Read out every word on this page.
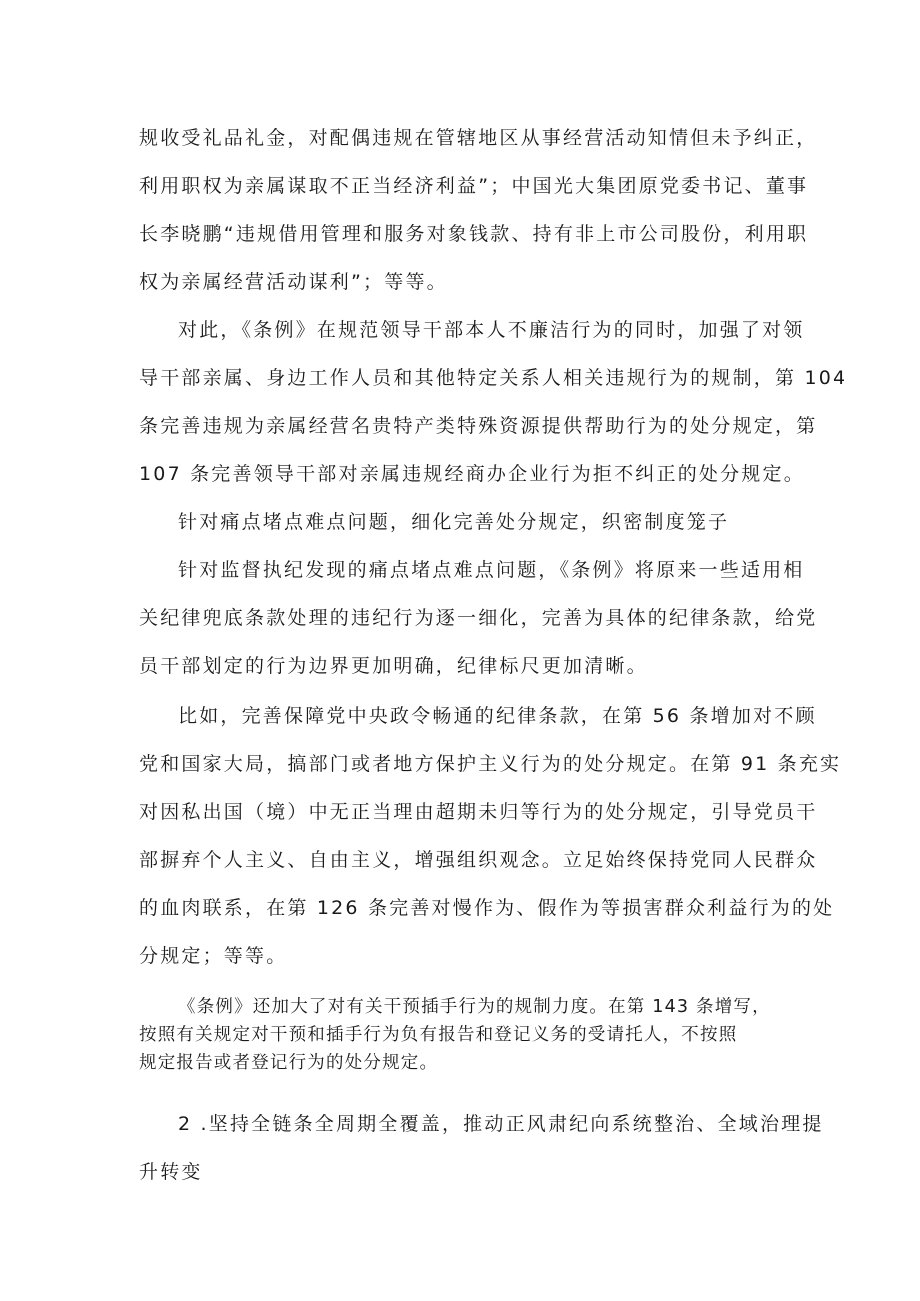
规收受礼品礼金，对配偶违规在管辖地区从事经营活动知情但未予纠正，
利用职权为亲属谋取不正当经济利益”；中国光大集团原党委书记、董事
长李晓鹏“违规借用管理和服务对象钱款、持有非上市公司股份，利用职
权为亲属经营活动谋利”；等等。
对此，《条例》在规范领导干部本人不廉洁行为的同时，加强了对领
导干部亲属、身边工作人员和其他特定关系人相关违规行为的规制，第 104
条完善违规为亲属经营名贵特产类特殊资源提供帮助行为的处分规定，第
107 条完善领导干部对亲属违规经商办企业行为拒不纠正的处分规定。
针对痛点堵点难点问题，细化完善处分规定，织密制度笼子
针对监督执纪发现的痛点堵点难点问题，《条例》将原来一些适用相
关纪律兜底条款处理的违纪行为逐一细化，完善为具体的纪律条款，给党
员干部划定的行为边界更加明确，纪律标尺更加清晰。
比如，完善保障党中央政令畅通的纪律条款，在第 56 条增加对不顾
党和国家大局，搞部门或者地方保护主义行为的处分规定。在第 91 条充实
对因私出国（境）中无正当理由超期未归等行为的处分规定，引导党员干
部摒弃个人主义、自由主义，增强组织观念。立足始终保持党同人民群众
的血肉联系，在第 126 条完善对慢作为、假作为等损害群众利益行为的处
分规定；等等。
《条例》还加大了对有关干预插手行为的规制力度。在第 143 条增写，
按照有关规定对干预和插手行为负有报告和登记义务的受请托人，不按照
规定报告或者登记行为的处分规定。
2 .坚持全链条全周期全覆盖，推动正风肃纪向系统整治、全域治理提
升转变
